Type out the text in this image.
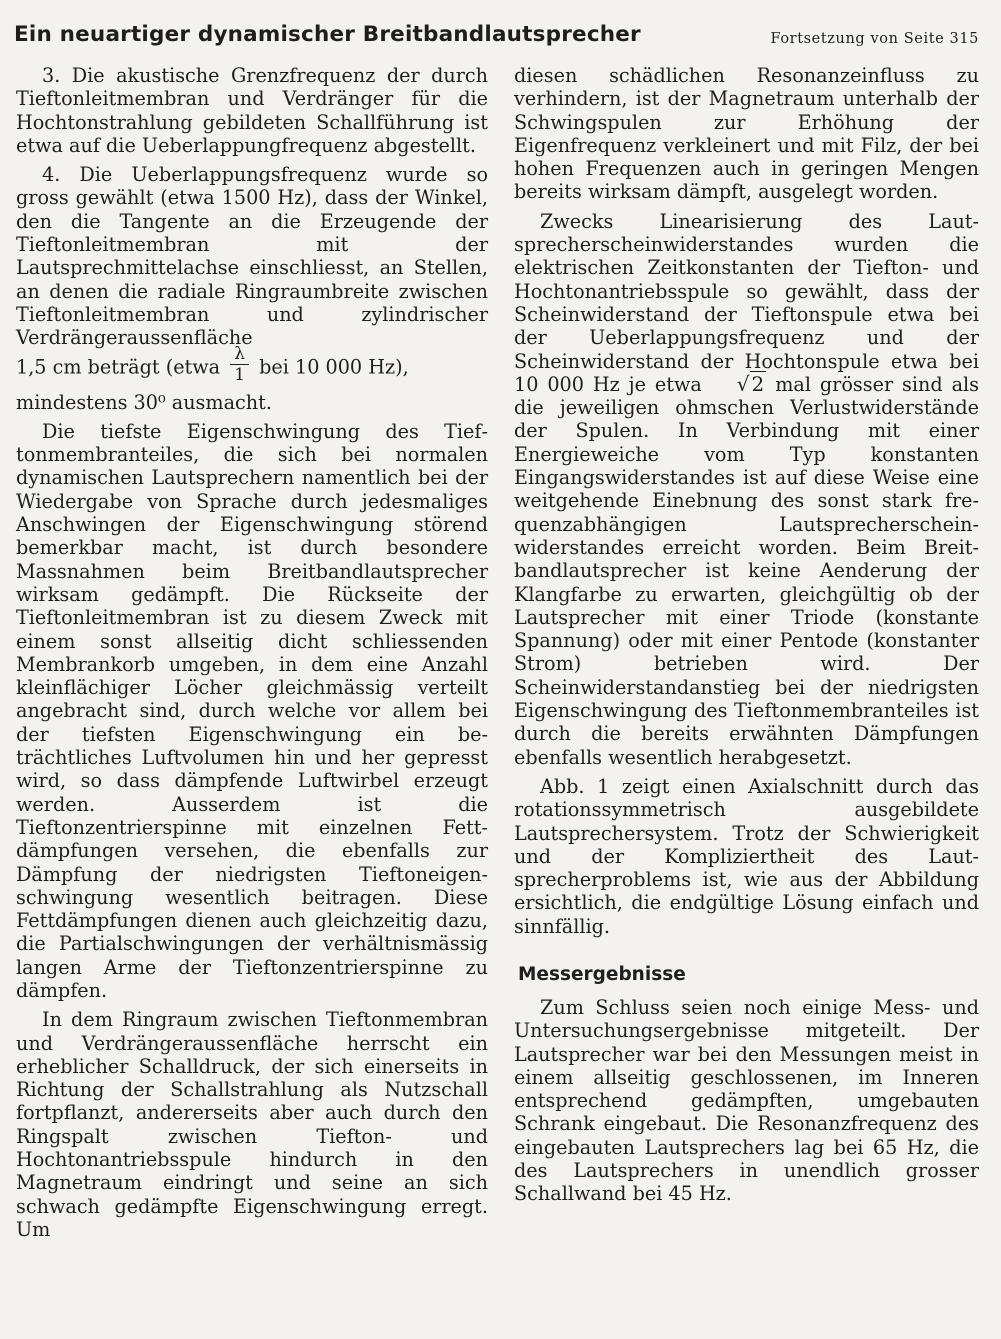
Ein neuartiger dynamischer Breitbandlautsprecher	Fortsetzung von Seite 315

3. Die akustische Grenzfrequenz der durch Tieftonleitmembran und Verdränger für die Hochtonstrahlung gebildeten Schallführung ist etwa auf die Ueberlappungfrequenz abgestellt.

4. Die Ueberlappungsfrequenz wurde so gross gewählt (etwa 1500 Hz), dass der Winkel, den die Tangente an die Erzeugende der Tieftonleitmembran mit der Lautsprechmittelachse einschliesst, an Stellen, an denen die radiale Ringraumbreite zwischen Tieftonleitmembran und zylindrischer Verdrängeraussenfläche

1,5 cm beträgt (etwa $\frac{\lambda}{1}$ bei 10 000 Hz),

mindestens 30⁰ ausmacht.

Die tiefste Eigenschwingung des Tieftonmembranteiles, die sich bei normalen dynamischen Lautsprechern namentlich bei der Wiedergabe von Sprache durch jedesmaliges Anschwingen der Eigenschwingung störend bemerkbar macht, ist durch besondere Massnahmen beim Breitbandlautsprecher wirksam gedämpft. Die Rückseite der Tieftonleitmembran ist zu diesem Zweck mit einem sonst allseitig dicht schliessenden Membrankorb umgeben, in dem eine Anzahl kleinflächiger Löcher gleichmässig verteilt angebracht sind, durch welche vor allem bei der tiefsten Eigenschwingung ein beträchtliches Luftvolumen hin und her gepresst wird, so dass dämpfende Luftwirbel erzeugt werden. Ausserdem ist die Tieftonzentrierspinne mit einzelnen Fettdämpfungen versehen, die ebenfalls zur Dämpfung der niedrigsten Tieftoneigenschwingung wesentlich beitragen. Diese Fettdämpfungen dienen auch gleichzeitig dazu, die Partialschwingungen der verhältnismässig langen Arme der Tieftonzentrierspinne zu dämpfen.

In dem Ringraum zwischen Tieftonmembran und Verdrängeraussenfläche herrscht ein erheblicher Schalldruck, der sich einerseits in Richtung der Schallstrahlung als Nutzschall fortpflanzt, andererseits aber auch durch den Ringspalt zwischen Tiefton- und Hochtonantriebsspule hindurch in den Magnetraum eindringt und seine an sich schwach gedämpfte Eigenschwingung erregt. Um

diesen schädlichen Resonanzeinfluss zu verhindern, ist der Magnetraum unterhalb der Schwingspulen zur Erhöhung der Eigenfrequenz verkleinert und mit Filz, der bei hohen Frequenzen auch in geringen Mengen bereits wirksam dämpft, ausgelegt worden.

Zwecks Linearisierung des Lautsprecherscheinwiderstandes wurden die elektrischen Zeitkonstanten der Tiefton- und Hochtonantriebsspule so gewählt, dass der Scheinwiderstand der Tieftonspule etwa bei der Ueberlappungsfrequenz und der Scheinwiderstand der Hochtonspule etwa bei 10 000 Hz je etwa √ 2 mal grösser sind als die jeweiligen ohmschen Verlustwiderstände der Spulen. In Verbindung mit einer Energieweiche vom Typ konstanten Eingangswiderstandes ist auf diese Weise eine weitgehende Einebnung des sonst stark frequenzabhängigen Lautsprecherscheinwiderstandes erreicht worden. Beim Breitbandlautsprecher ist keine Aenderung der Klangfarbe zu erwarten, gleichgültig ob der Lautsprecher mit einer Triode (konstante Spannung) oder mit einer Pentode (konstanter Strom) betrieben wird. Der Scheinwiderstandanstieg bei der niedrigsten Eigenschwingung des Tieftonmembranteiles ist durch die bereits erwähnten Dämpfungen ebenfalls wesentlich herabgesetzt.

Abb. 1 zeigt einen Axialschnitt durch das rotationssymmetrisch ausgebildete Lautsprechersystem. Trotz der Schwierigkeit und der Kompliziertheit des Lautsprecherproblems ist, wie aus der Abbildung ersichtlich, die endgültige Lösung einfach und sinnfällig.

Messergebnisse

Zum Schluss seien noch einige Mess- und Untersuchungsergebnisse mitgeteilt. Der Lautsprecher war bei den Messungen meist in einem allseitig geschlossenen, im Inneren entsprechend gedämpften, umgebauten Schrank eingebaut. Die Resonanzfrequenz des eingebauten Lautsprechers lag bei 65 Hz, die des Lautsprechers in unendlich grosser Schallwand bei 45 Hz.
